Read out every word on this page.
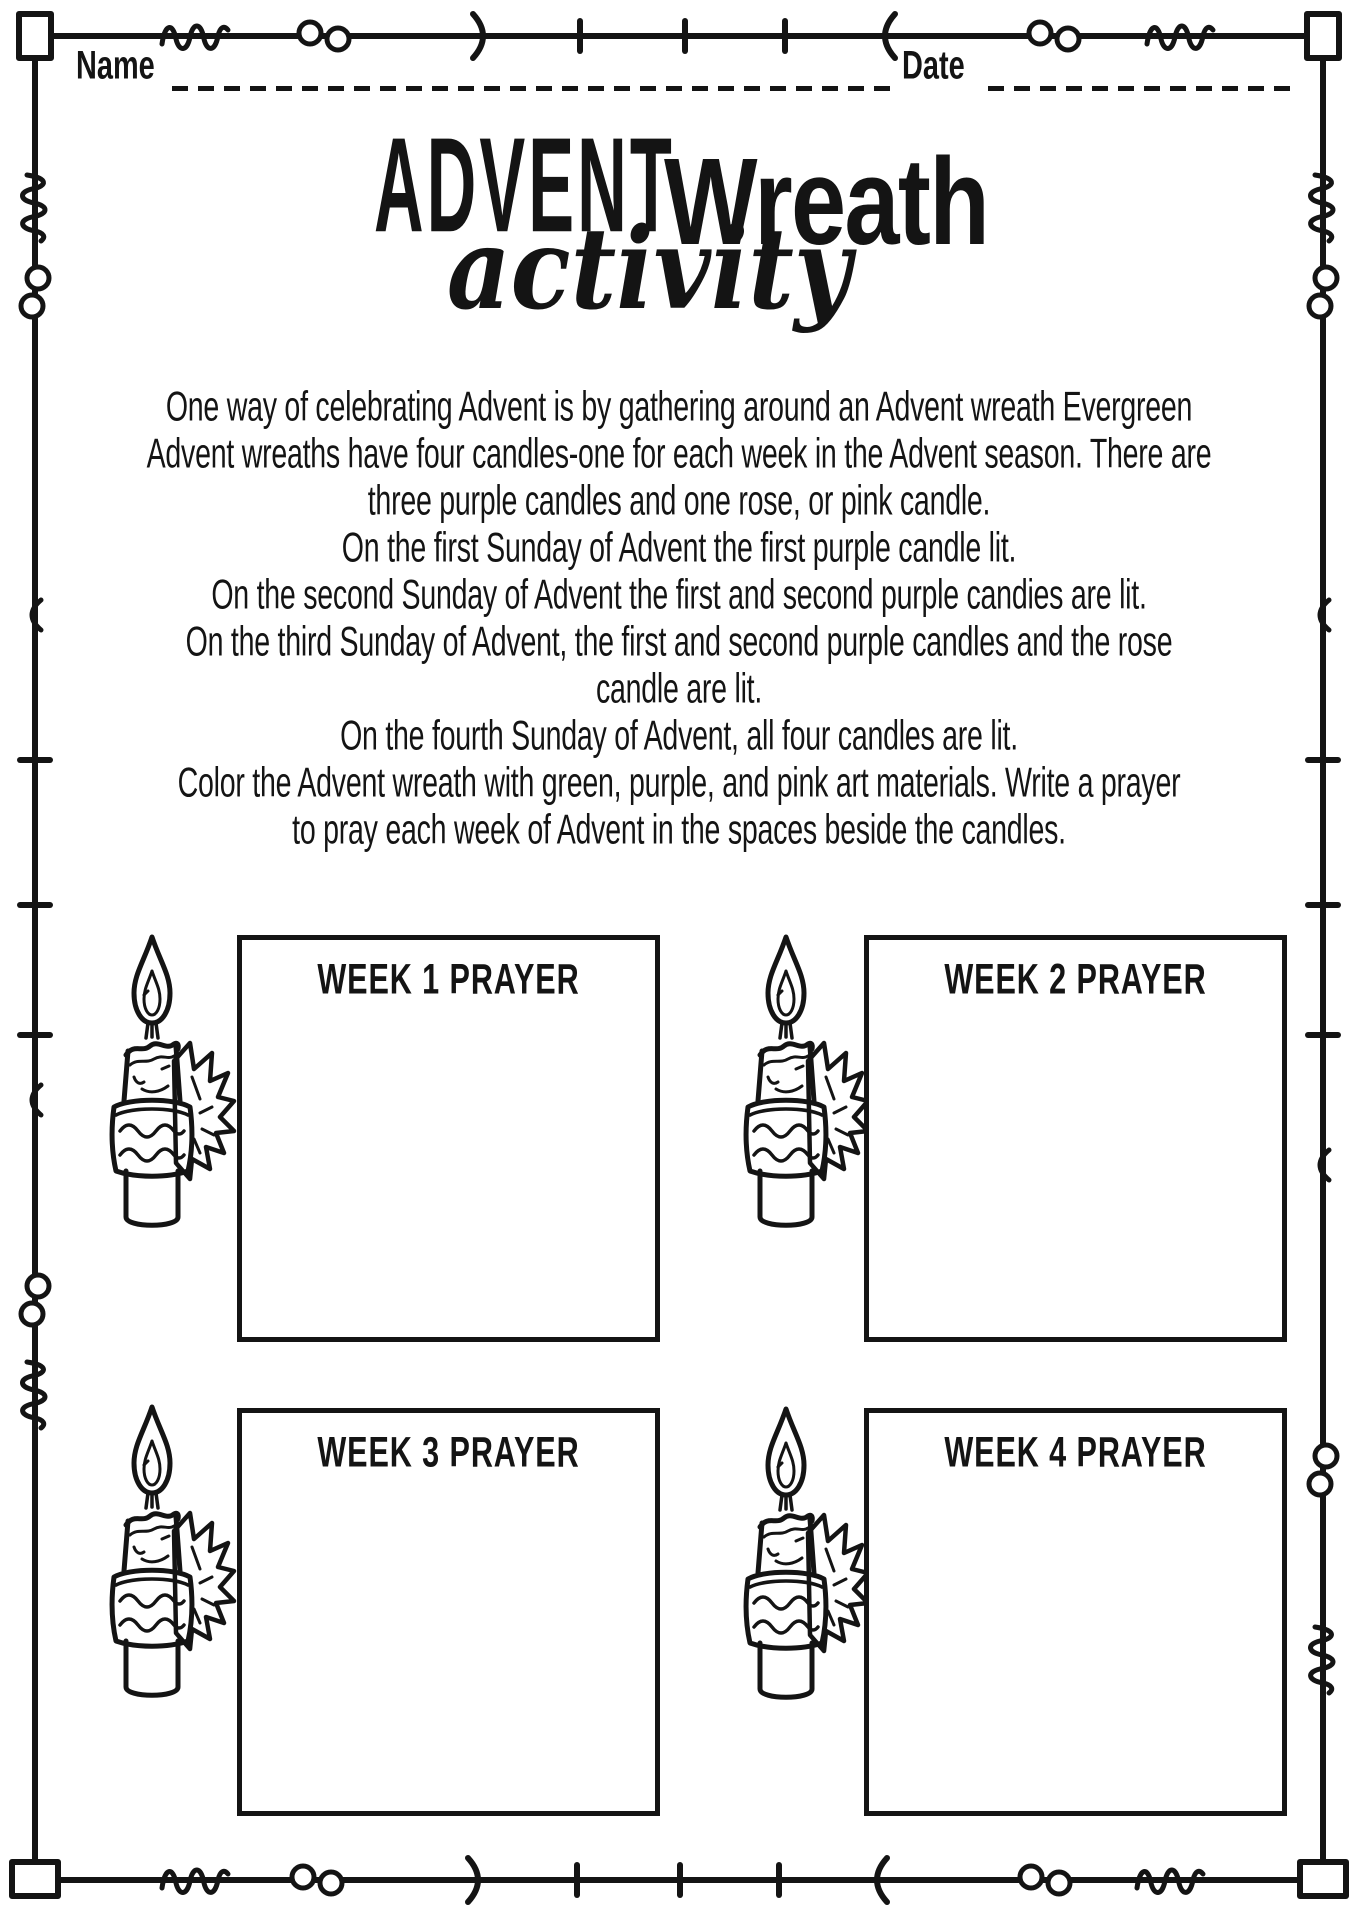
Name	Date
ADVENT
Wreath
activity
One way of celebrating Advent is by gathering around an Advent wreath Evergreen
Advent wreaths have four candles-one for each week in the Advent season. There are
three purple candles and one rose, or pink candle.
On the first Sunday of Advent the first purple candle lit.
On the second Sunday of Advent the first and second purple candies are lit.
On the third Sunday of Advent, the first and second purple candles and the rose
candle are lit.
On the fourth Sunday of Advent, all four candles are lit.
Color the Advent wreath with green, purple, and pink art materials. Write a prayer
to pray each week of Advent in the spaces beside the candles.
WEEK 1 PRAYER	WEEK 2 PRAYER
WEEK 3 PRAYER	WEEK 4 PRAYER
